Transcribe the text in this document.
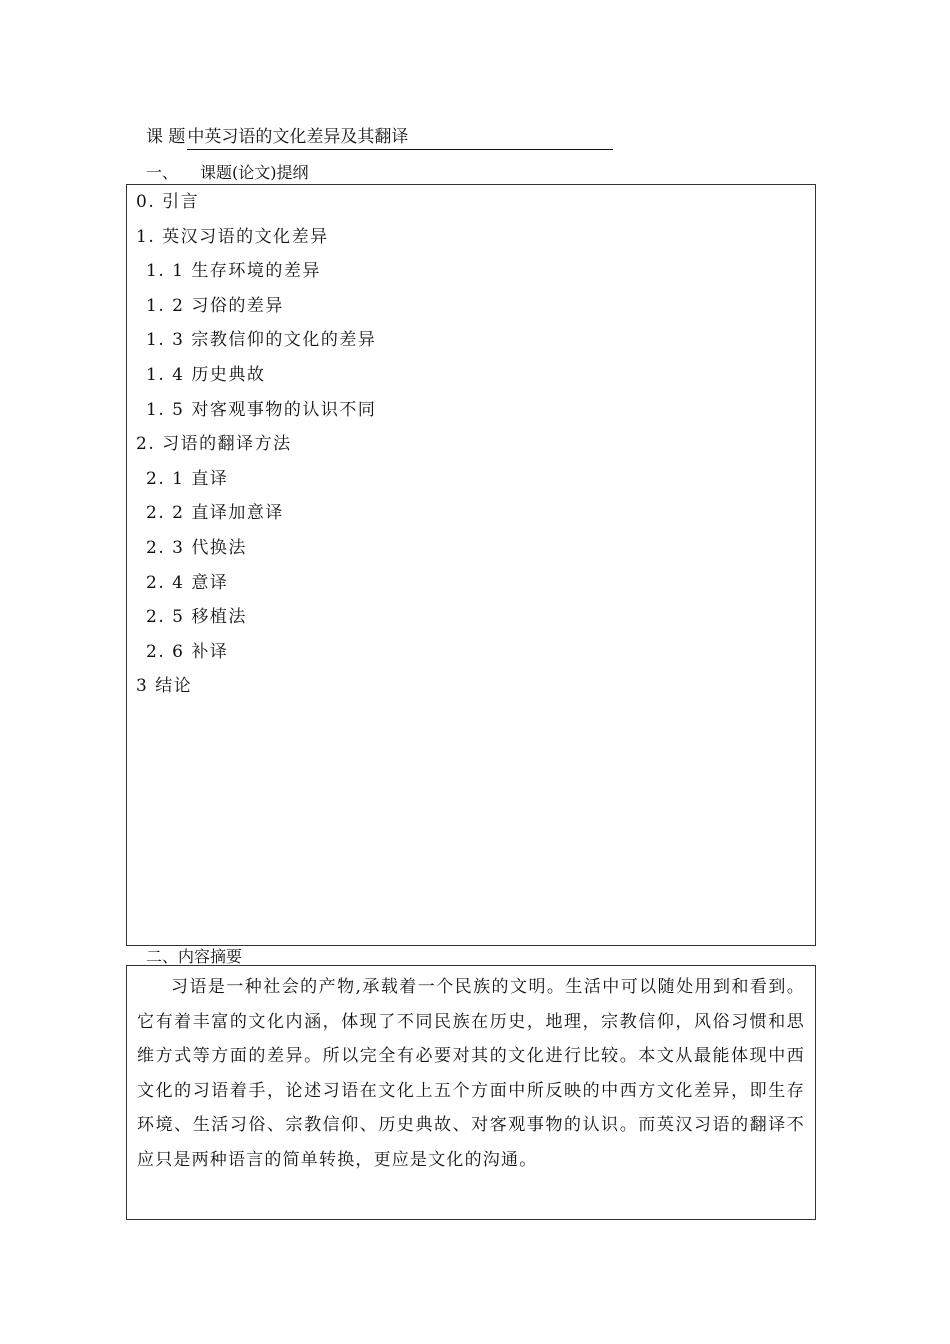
课 题 中英习语的文化差异及其翻译
一、 课题(论文)提纲
0. 引言
1. 英汉习语的文化差异
1. 1 生存环境的差异
1. 2 习俗的差异
1. 3 宗教信仰的文化的差异
1. 4 历史典故
1. 5 对客观事物的认识不同
2. 习语的翻译方法
2. 1 直译
2. 2 直译加意译
2. 3 代换法
2. 4 意译
2. 5 移植法
2. 6 补译
3 结论
二、内容摘要

习语是一种社会的产物,承载着一个民族的文明。生活中可以随处用到和看到。它有着丰富的文化内涵，体现了不同民族在历史，地理，宗教信仰，风俗习惯和思维方式等方面的差异。所以完全有必要对其的文化进行比较。本文从最能体现中西文化的习语着手，论述习语在文化上五个方面中所反映的中西方文化差异，即生存环境、生活习俗、宗教信仰、历史典故、对客观事物的认识。而英汉习语的翻译不应只是两种语言的简单转换，更应是文化的沟通。
